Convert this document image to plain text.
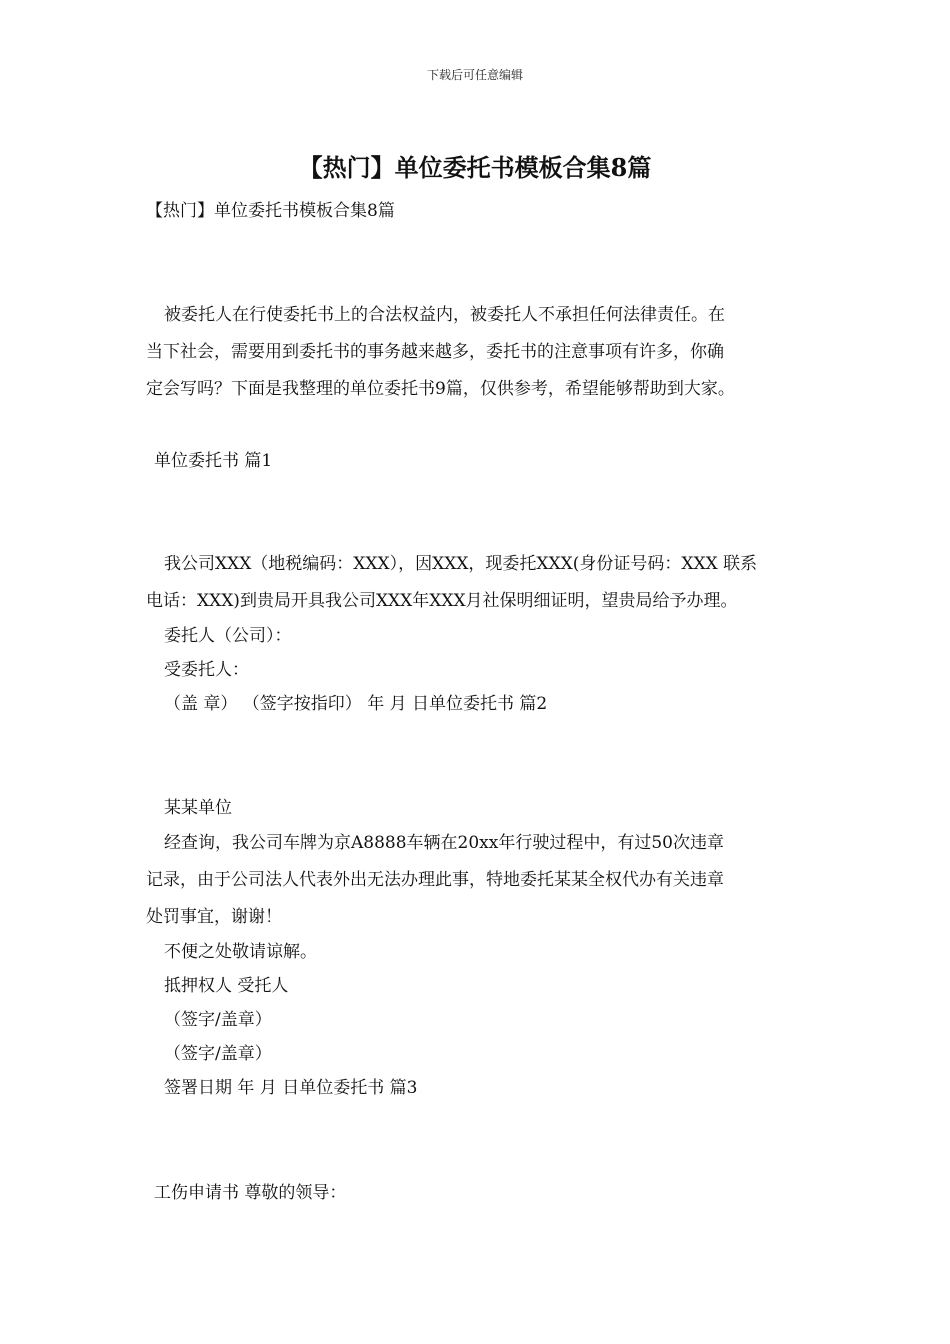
下载后可任意编辑
【热门】单位委托书模板合集8篇
【热门】单位委托书模板合集8篇
被委托人在行使委托书上的合法权益内，被委托人不承担任何法律责任。在
当下社会，需要用到委托书的事务越来越多，委托书的注意事项有许多，你确
定会写吗？下面是我整理的单位委托书9篇，仅供参考，希望能够帮助到大家。
单位委托书 篇1
我公司XXX（地税编码：XXX），因XXX，现委托XXX(身份证号码：XXX 联系
电话：XXX)到贵局开具我公司XXX年XXX月社保明细证明，望贵局给予办理。
委托人（公司）：
受委托人：
（盖 章） （签字按指印） 年 月 日单位委托书 篇2
某某单位
经查询，我公司车牌为京A8888车辆在20xx年行驶过程中，有过50次违章
记录，由于公司法人代表外出无法办理此事，特地委托某某全权代办有关违章
处罚事宜，谢谢！
不便之处敬请谅解。
抵押权人 受托人
（签字/盖章）
（签字/盖章）
签署日期 年 月 日单位委托书 篇3
工伤申请书 尊敬的领导：
